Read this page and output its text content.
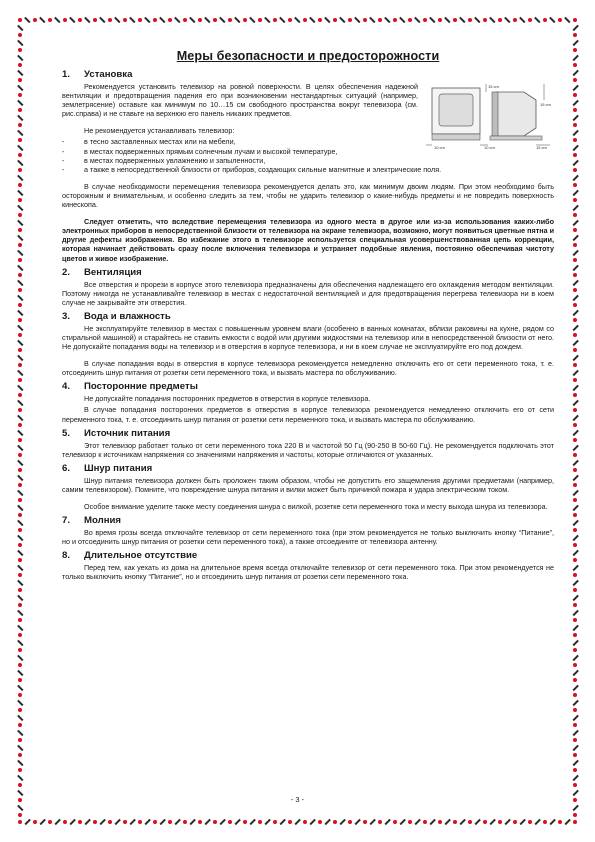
Меры безопасности и предосторожности
1.	Установка
10 cm	10 cm	15 cm
15 cm
15 cm

Рекомендуется установить телевизор на ровной поверхности. В целях обеспечения надежной вентиляции и предотвращения падения его при возникновении нестандартных ситуаций (например, землетрясение) оставьте как минимум по 10…15 см свободного пространства вокруг телевизора (см. рис.справа) и не ставьте на верхнюю его панель никаких предметов.

Не рекомендуется устанавливать телевизор:

-	в тесно заставленных местах или на мебели,
-	в местах подверженных прямым солнечным лучам и высокой температуре,
-	в местах подверженных увлажнению и запыленности,
-	а также в непосредственной близости от приборов, создающих сильные магнитные и электрические поля.

В случае необходимости перемещения телевизора рекомендуется делать это, как минимум двоим людям. При этом необходимо быть осторожным и внимательным, и особенно следить за тем, чтобы не ударить телевизор о какие-нибудь предметы и не повредить поверхность кинескопа.

Следует отметить, что вследствие перемещения телевизора из одного места в другое или из-за использования каких-либо электронных приборов в непосредственной близости от телевизора на экране телевизора, возможно, могут появиться цветные пятна и другие дефекты изображения. Во избежание этого в телевизоре используется специальная усовершенствованная цепь коррекции, которая начинает действовать сразу после включения телевизора и устраняет подобные явления, постоянно обеспечивая чистоту цветов и живое изображение.

2.	Вентиляция

Все отверстия и прорези в корпусе этого телевизора предназначены для обеспечения надлежащего его охлаждения методом вентиляции. Поэтому никогда не устанавливайте телевизор в местах с недостаточной вентиляцией и для предотвращения перегрева телевизора ни в коем случае не закрывайте эти отверстия.

3.	Вода и влажность

Не эксплуатируйте телевизор в местах с повышенным уровнем влаги (особенно в ванных комнатах, вблизи раковины на кухне, рядом со стиральной машиной) и старайтесь не ставить емкости с водой или другими жидкостями на телевизор или в непосредственной близости от него. Не допускайте попадания воды на телевизор и в отверстия в корпусе телевизора, и ни в коем случае не эксплуатируйте его под дождем.

В случае попадания воды в отверстия в корпусе телевизора рекомендуется немедленно отключить его от сети переменного тока, т. е. отсоединить шнур питания от розетки сети переменного тока, и вызвать мастера по обслуживанию.

4.	Посторонние предметы

Не допускайте попадания посторонних предметов в отверстия в корпусе телевизора.

В случае попадания посторонних предметов в отверстия в корпусе телевизора рекомендуется немедленно отключить его от сети переменного тока, т. е. отсоединить шнур питания от розетки сети переменного тока, и вызвать мастера по обслуживанию.

5.	Источник питания

Этот телевизор работает только от сети переменного тока 220 В и частотой 50 Гц (90-250 В 50-60 Гц). Не рекомендуется подключать этот телевизор к источникам напряжения со значениями напряжения и частоты, которые отличаются от указанных.

6.	Шнур питания

Шнур питания телевизора должен быть проложен таким образом, чтобы не допустить его защемления другими предметами (например, самим телевизором). Помните, что повреждение шнура питания и вилки может быть причиной пожара и удара электрическим током.

Особое внимание уделите также месту соединения шнура с вилкой, розетке сети переменного тока и месту выхода шнура из телевизора.

7.	Молния

Во время грозы всегда отключайте телевизор от сети переменного тока (при этом рекомендуется не только выключить кнопку “Питание”, но и отсоединить шнур питания от розетки сети переменного тока), а также отсоедините от телевизора антенну.

8.	Длительное отсутствие

Перед тем, как уехать из дома на длительное время всегда отключайте телевизор от сети переменного тока. При этом рекомендуется не только выключить кнопку “Питание”, но и отсоединить шнур питания от розетки сети переменного тока.

- 3 -
